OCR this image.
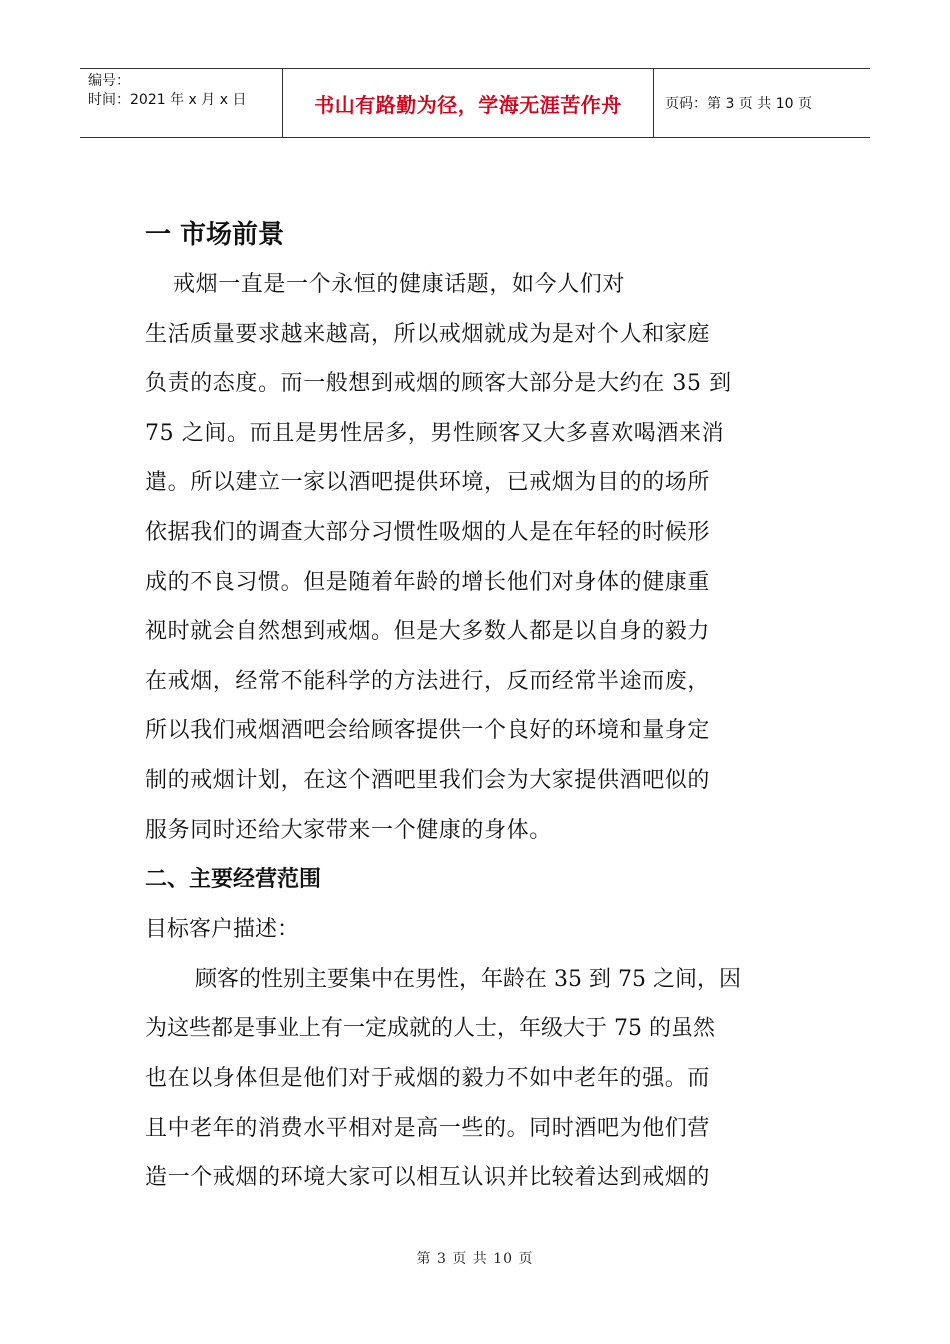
编号：
时间：2021 年 x 月 x 日	书山有路勤为径，学海无涯苦作舟	页码：第 3 页 共 10 页
一 市场前景
戒烟一直是一个永恒的健康话题，如今人们对
生活质量要求越来越高，所以戒烟就成为是对个人和家庭
负责的态度。而一般想到戒烟的顾客大部分是大约在 35 到
75 之间。而且是男性居多，男性顾客又大多喜欢喝酒来消
遣。所以建立一家以酒吧提供环境，已戒烟为目的的场所
依据我们的调查大部分习惯性吸烟的人是在年轻的时候形
成的不良习惯。但是随着年龄的增长他们对身体的健康重
视时就会自然想到戒烟。但是大多数人都是以自身的毅力
在戒烟，经常不能科学的方法进行，反而经常半途而废，
所以我们戒烟酒吧会给顾客提供一个良好的环境和量身定
制的戒烟计划，在这个酒吧里我们会为大家提供酒吧似的
服务同时还给大家带来一个健康的身体。
二、主要经营范围
目标客户描述：
顾客的性别主要集中在男性，年龄在 35 到 75 之间，因
为这些都是事业上有一定成就的人士，年级大于 75 的虽然
也在以身体但是他们对于戒烟的毅力不如中老年的强。而
且中老年的消费水平相对是高一些的。同时酒吧为他们营
造一个戒烟的环境大家可以相互认识并比较着达到戒烟的
第 3 页 共 10 页
